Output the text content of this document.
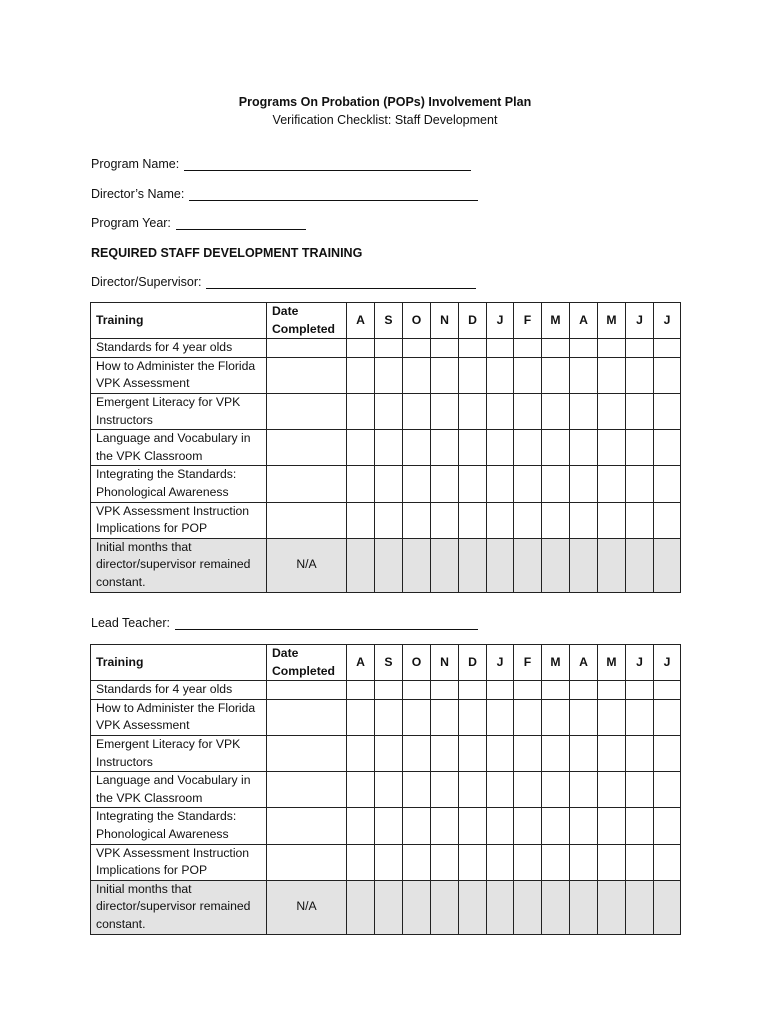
Programs On Probation (POPs) Involvement Plan
Verification Checklist: Staff Development
Program Name:
Director’s Name:
Program Year:
REQUIRED STAFF DEVELOPMENT TRAINING
Director/Supervisor:
Training	Date Completed	A	S	O	N	D	J	F	M	A	M	J	J
Standards for 4 year olds													
How to Administer the Florida VPK Assessment													
Emergent Literacy for VPK Instructors													
Language and Vocabulary in the VPK Classroom													
Integrating the Standards: Phonological Awareness													
VPK Assessment Instruction Implications for POP													
Initial months that director/supervisor remained constant.	N/A												
Lead Teacher:
Training	Date Completed	A	S	O	N	D	J	F	M	A	M	J	J
Standards for 4 year olds													
How to Administer the Florida VPK Assessment													
Emergent Literacy for VPK Instructors													
Language and Vocabulary in the VPK Classroom													
Integrating the Standards: Phonological Awareness													
VPK Assessment Instruction Implications for POP													
Initial months that director/supervisor remained constant.	N/A												
